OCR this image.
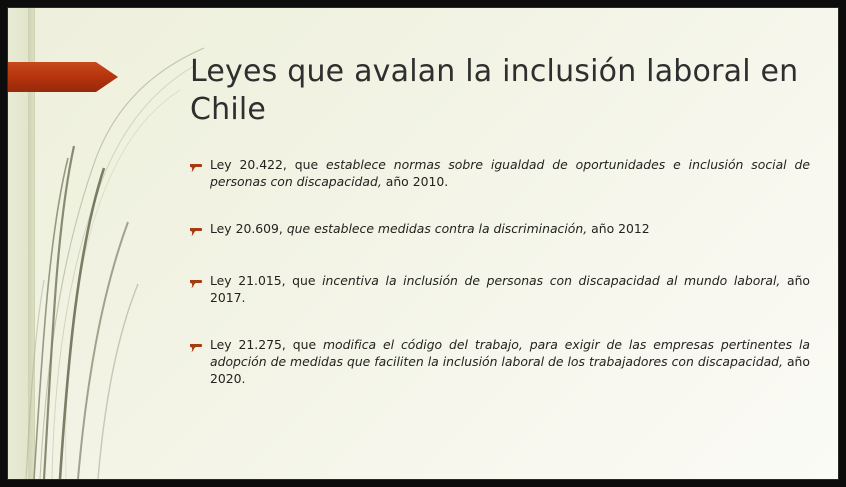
Leyes que avalan la inclusión laboral en Chile
Ley 20.422, que establece normas sobre igualdad de oportunidades e inclusión social de personas con discapacidad, año 2010.
Ley 20.609, que establece medidas contra la discriminación, año 2012
Ley 21.015, que incentiva la inclusión de personas con discapacidad al mundo laboral, año 2017.
Ley 21.275, que modifica el código del trabajo, para exigir de las empresas pertinentes la adopción de medidas que faciliten la inclusión laboral de los trabajadores con discapacidad, año 2020.
